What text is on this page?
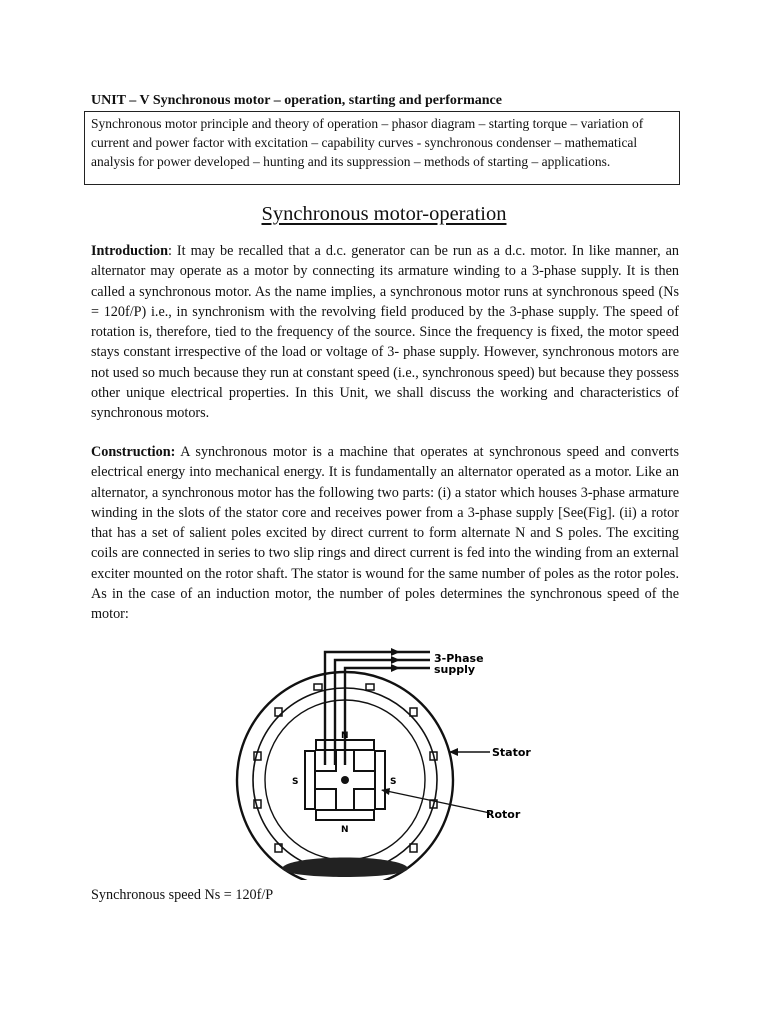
UNIT – V Synchronous motor – operation, starting and performance
Synchronous motor principle and theory of operation – phasor diagram – starting torque – variation of current and power factor with excitation – capability curves - synchronous condenser – mathematical analysis for power developed – hunting and its suppression – methods of starting – applications.
Synchronous motor-operation
Introduction: It may be recalled that a d.c. generator can be run as a d.c. motor. In like manner, an alternator may operate as a motor by connecting its armature winding to a 3-phase supply. It is then called a synchronous motor. As the name implies, a synchronous motor runs at synchronous speed (Ns = 120f/P) i.e., in synchronism with the revolving field produced by the 3-phase supply. The speed of rotation is, therefore, tied to the frequency of the source. Since the frequency is fixed, the motor speed stays constant irrespective of the load or voltage of 3- phase supply. However, synchronous motors are not used so much because they run at constant speed (i.e., synchronous speed) but because they possess other unique electrical properties. In this Unit, we shall discuss the working and characteristics of synchronous motors.
Construction: A synchronous motor is a machine that operates at synchronous speed and converts electrical energy into mechanical energy. It is fundamentally an alternator operated as a motor. Like an alternator, a synchronous motor has the following two parts: (i) a stator which houses 3-phase armature winding in the slots of the stator core and receives power from a 3-phase supply [See(Fig]. (ii) a rotor that has a set of salient poles excited by direct current to form alternate N and S poles. The exciting coils are connected in series to two slip rings and direct current is fed into the winding from an external exciter mounted on the rotor shaft. The stator is wound for the same number of poles as the rotor poles. As in the case of an induction motor, the number of poles determines the synchronous speed of the motor:
3-Phase
supply
Stator
Rotor
N
N
S	S
Synchronous speed Ns = 120f/P
